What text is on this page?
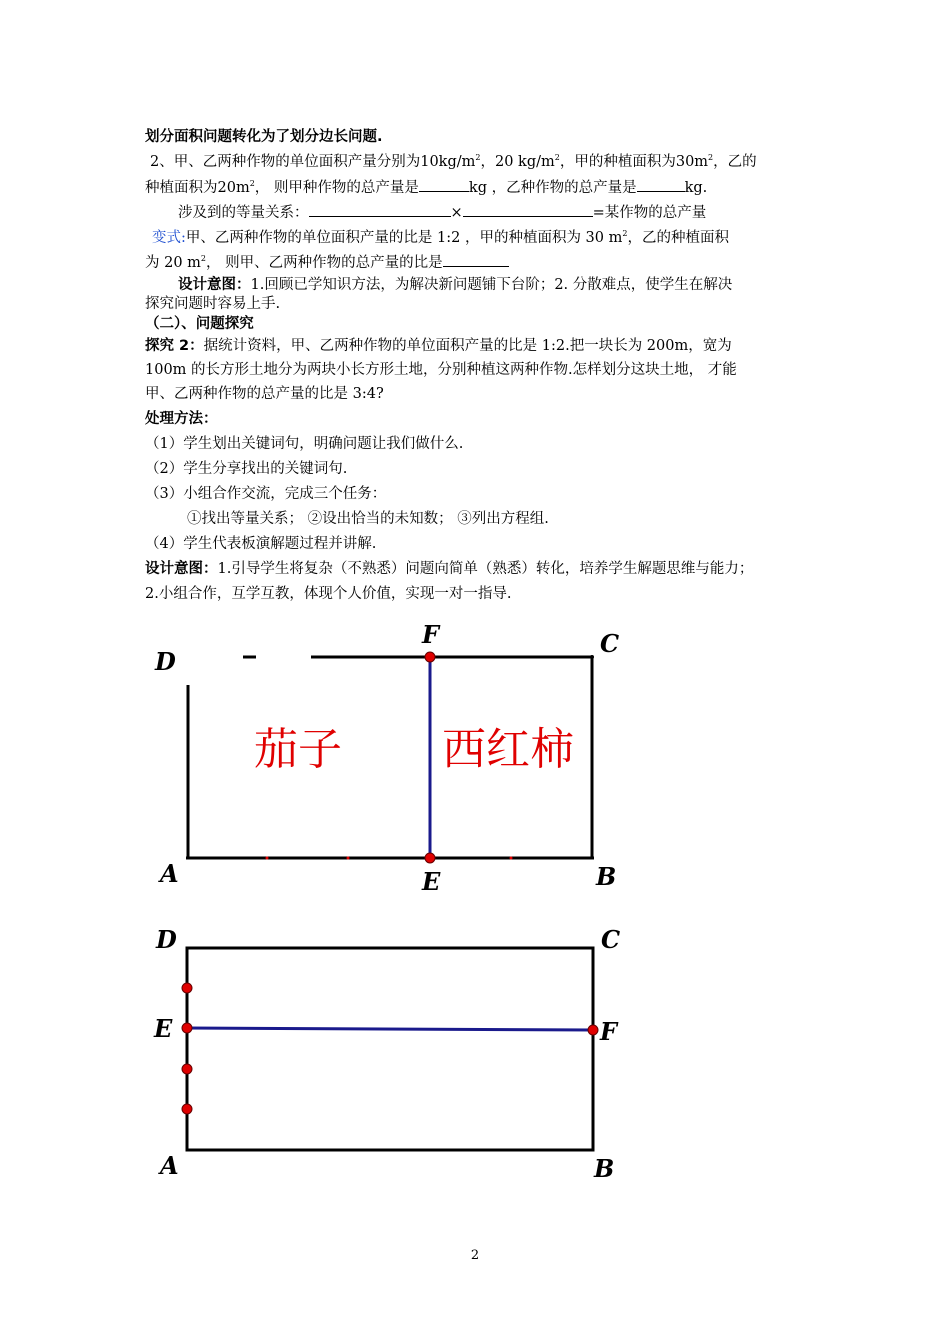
划分面积问题转化为了划分边长问题.
2、甲、乙两种作物的单位面积产量分别为$10kg/m^2$，20 $kg/m^2$，甲的种植面积为$30m^2$，乙的
种植面积为$20m^2$， 则甲种作物的总产量是	kg ，乙种作物的总产量是	kg.
涉及到的等量关系：	×	=某作物的总产量
变式:甲、乙两种作物的单位面积产量的比是 1:2 ，甲的种植面积为 30 $m^2$，乙的种植面积
为 20 $m^2$， 则甲、乙两种作物的总产量的比是
设计意图：1.回顾已学知识方法，为解决新问题铺下台阶；2. 分散难点，使学生在解决
探究问题时容易上手.
（二）、问题探究
探究 2：据统计资料，甲、乙两种作物的单位面积产量的比是 1:2.把一块长为 200m，宽为
100m 的长方形土地分为两块小长方形土地，分别种植这两种作物.怎样划分这块土地， 才能
甲、乙两种作物的总产量的比是 3:4?
处理方法：
（1）学生划出关键词句，明确问题让我们做什么.
（2）学生分享找出的关键词句.
（3）小组合作交流，完成三个任务：
①找出等量关系； ②设出恰当的未知数； ③列出方程组.
（4）学生代表板演解题过程并讲解.
设计意图：1.引导学生将复杂（不熟悉）问题向简单（熟悉）转化，培养学生解题思维与能力；
2.小组合作，互学互教，体现个人价值，实现一对一指导.
D
F	C
A	E	B
茄子 西红柿
D	C
E	F
A	B
2
